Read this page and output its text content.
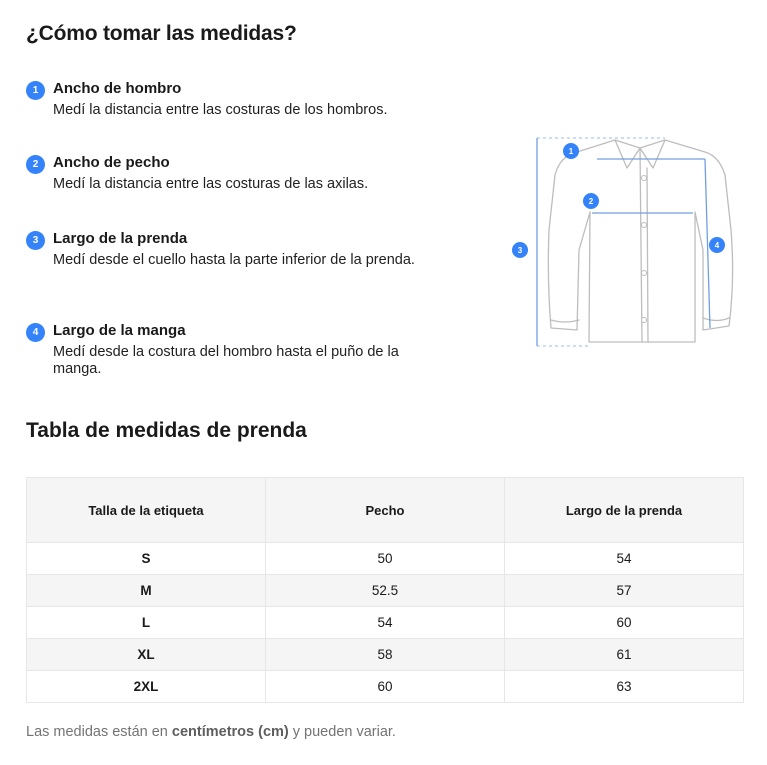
¿Cómo tomar las medidas?
1 Ancho de hombro
Medí la distancia entre las costuras de los hombros.
2 Ancho de pecho
Medí la distancia entre las costuras de las axilas.
3 Largo de la prenda
Medí desde el cuello hasta la parte inferior de la prenda.
4 Largo de la manga
Medí desde la costura del hombro hasta el puño de la manga.
1
2
3
4
Tabla de medidas de prenda
Talla de la etiqueta	Pecho	Largo de la prenda
S	50	54
M	52.5	57
L	54	60
XL	58	61
2XL	60	63
Las medidas están en centímetros (cm) y pueden variar.
